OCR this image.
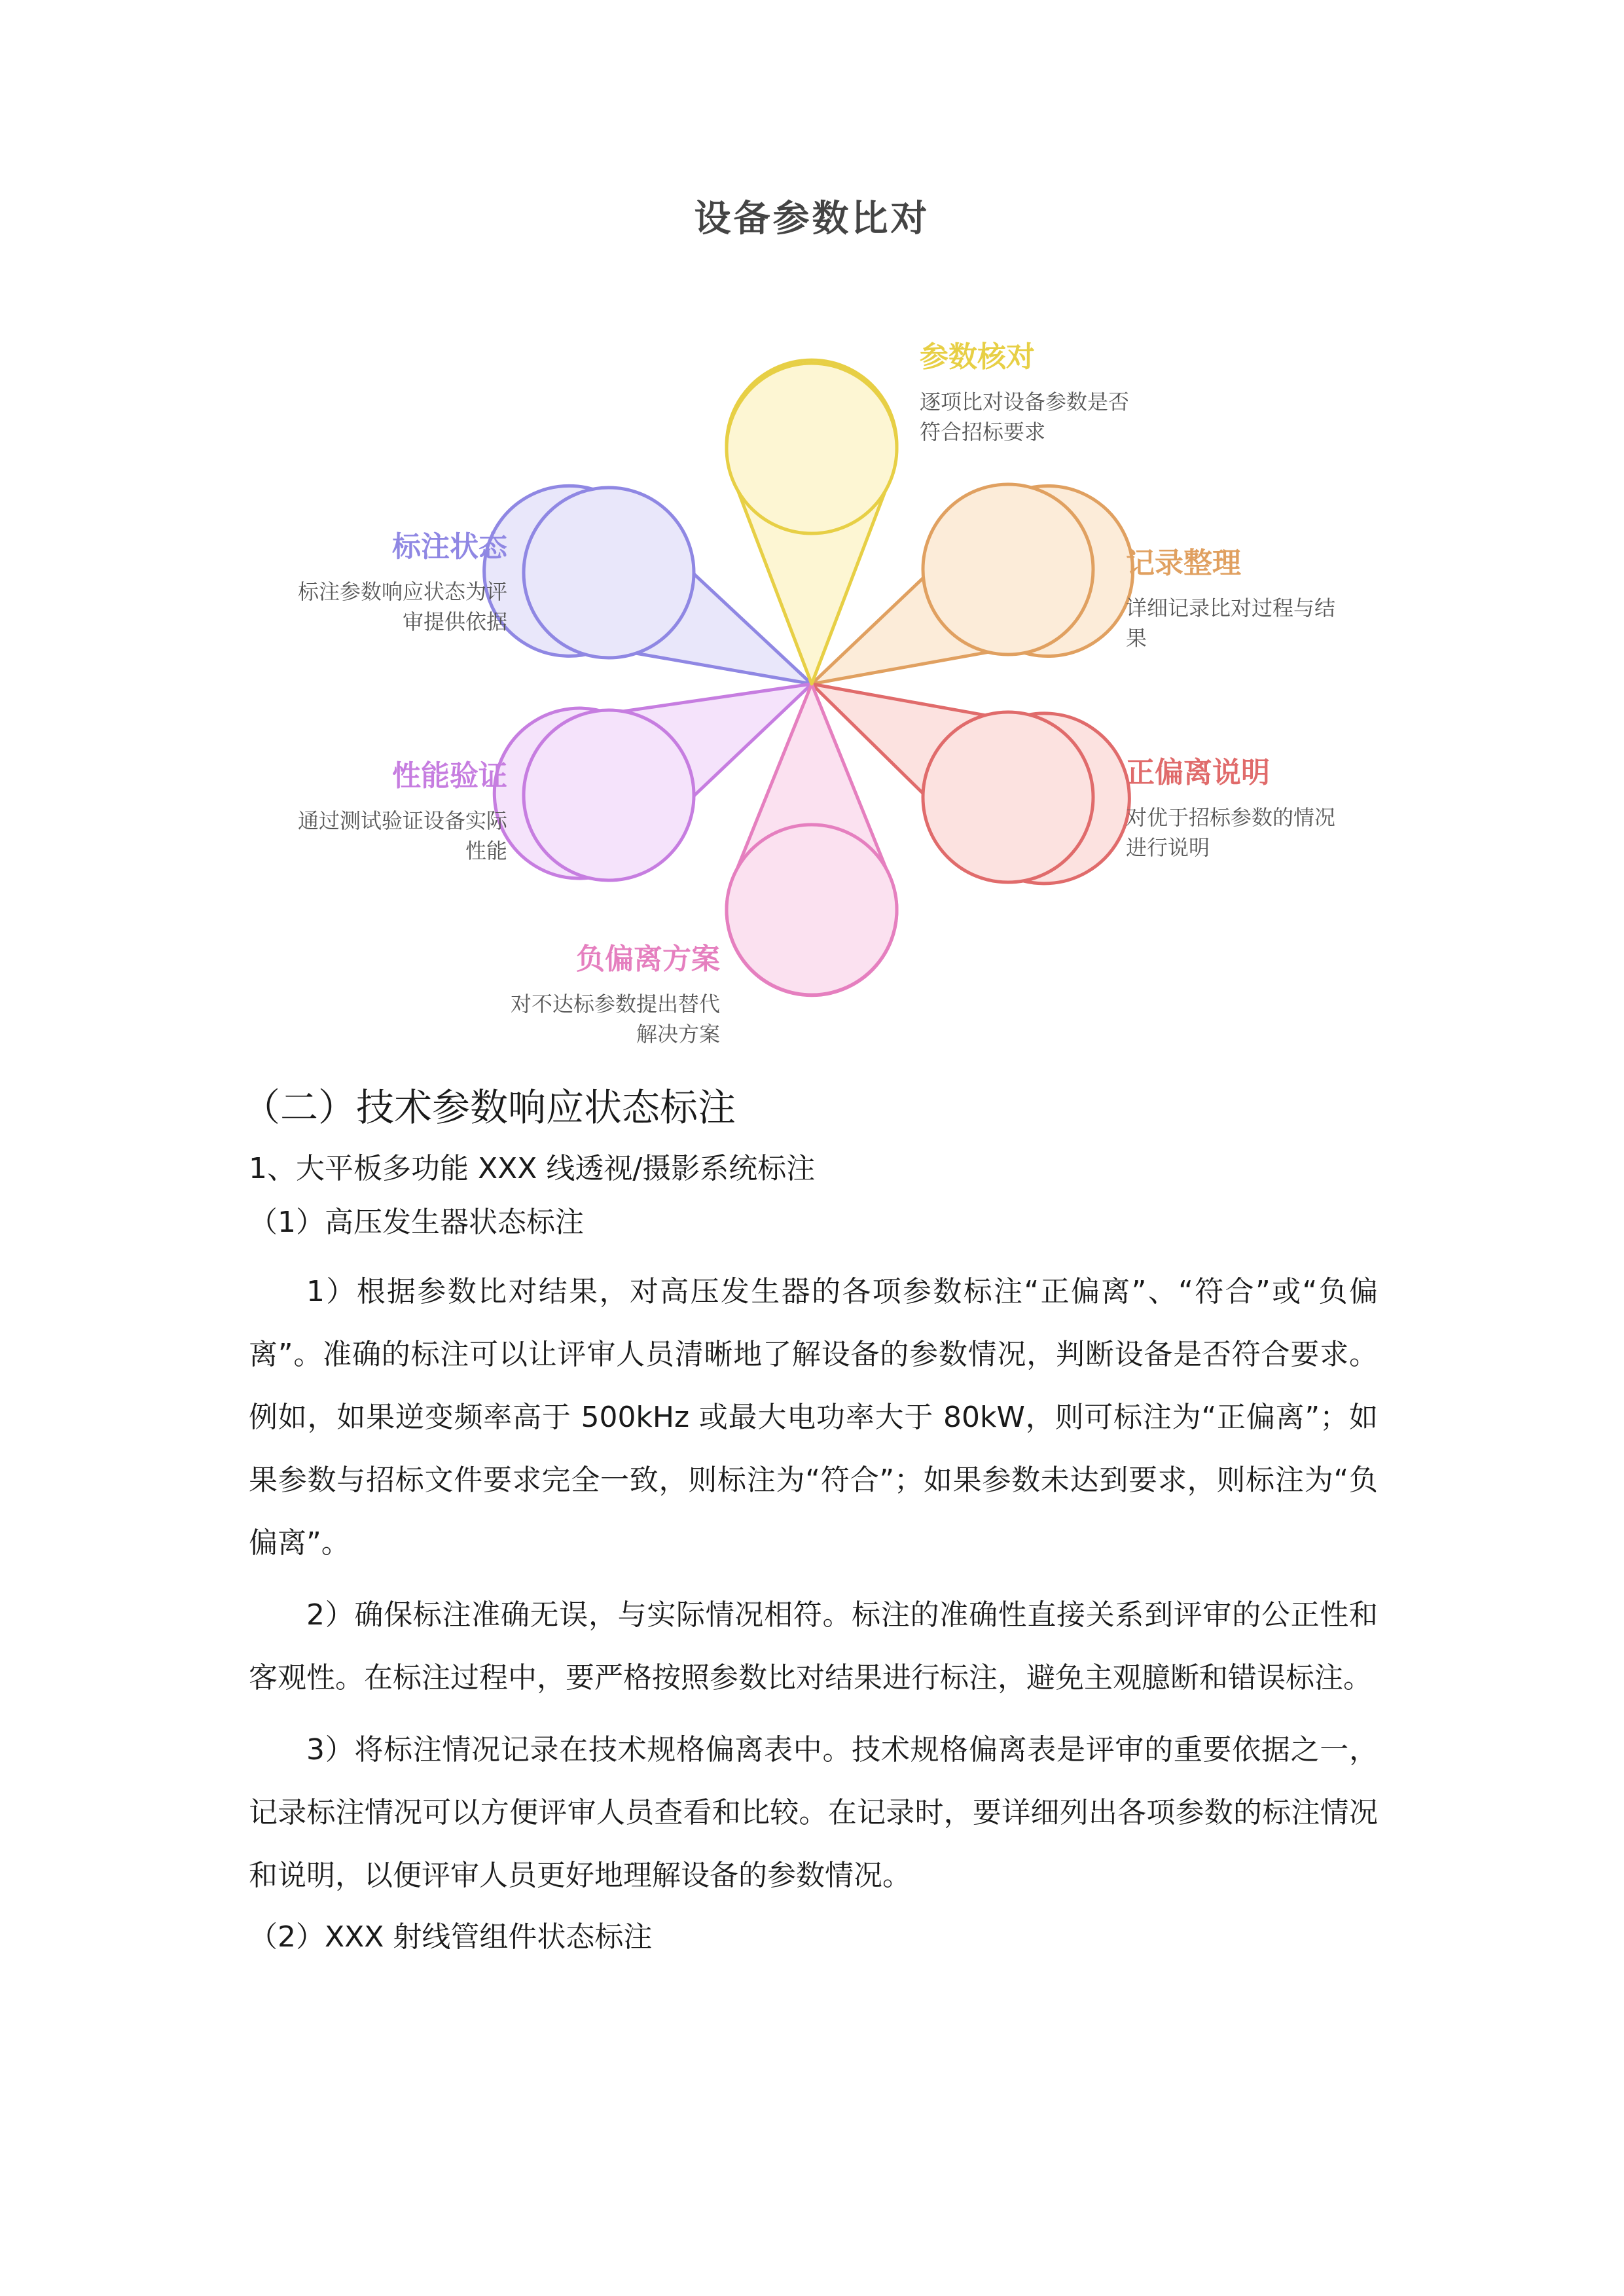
设备参数比对
参数核对
逐项比对设备参数是否
符合招标要求
记录整理
详细记录比对过程与结
果
正偏离说明
对优于招标参数的情况
进行说明
负偏离方案
对不达标参数提出替代
解决方案
性能验证
通过测试验证设备实际
性能
标注状态
标注参数响应状态为评
审提供依据
（二）技术参数响应状态标注
1、大平板多功能 XXX 线透视/摄影系统标注
（1）高压发生器状态标注

1）根据参数比对结果，对高压发生器的各项参数标注“正偏离”、“符合”或“负偏离”。准确的标注可以让评审人员清晰地了解设备的参数情况，判断设备是否符合要求。例如，如果逆变频率高于 500kHz 或最大电功率大于 80kW，则可标注为“正偏离”；如果参数与招标文件要求完全一致，则标注为“符合”；如果参数未达到要求，则标注为“负偏离”。

2）确保标注准确无误，与实际情况相符。标注的准确性直接关系到评审的公正性和客观性。在标注过程中，要严格按照参数比对结果进行标注，避免主观臆断和错误标注。

3）将标注情况记录在技术规格偏离表中。技术规格偏离表是评审的重要依据之一，记录标注情况可以方便评审人员查看和比较。在记录时，要详细列出各项参数的标注情况和说明，以便评审人员更好地理解设备的参数情况。

（2）XXX 射线管组件状态标注
